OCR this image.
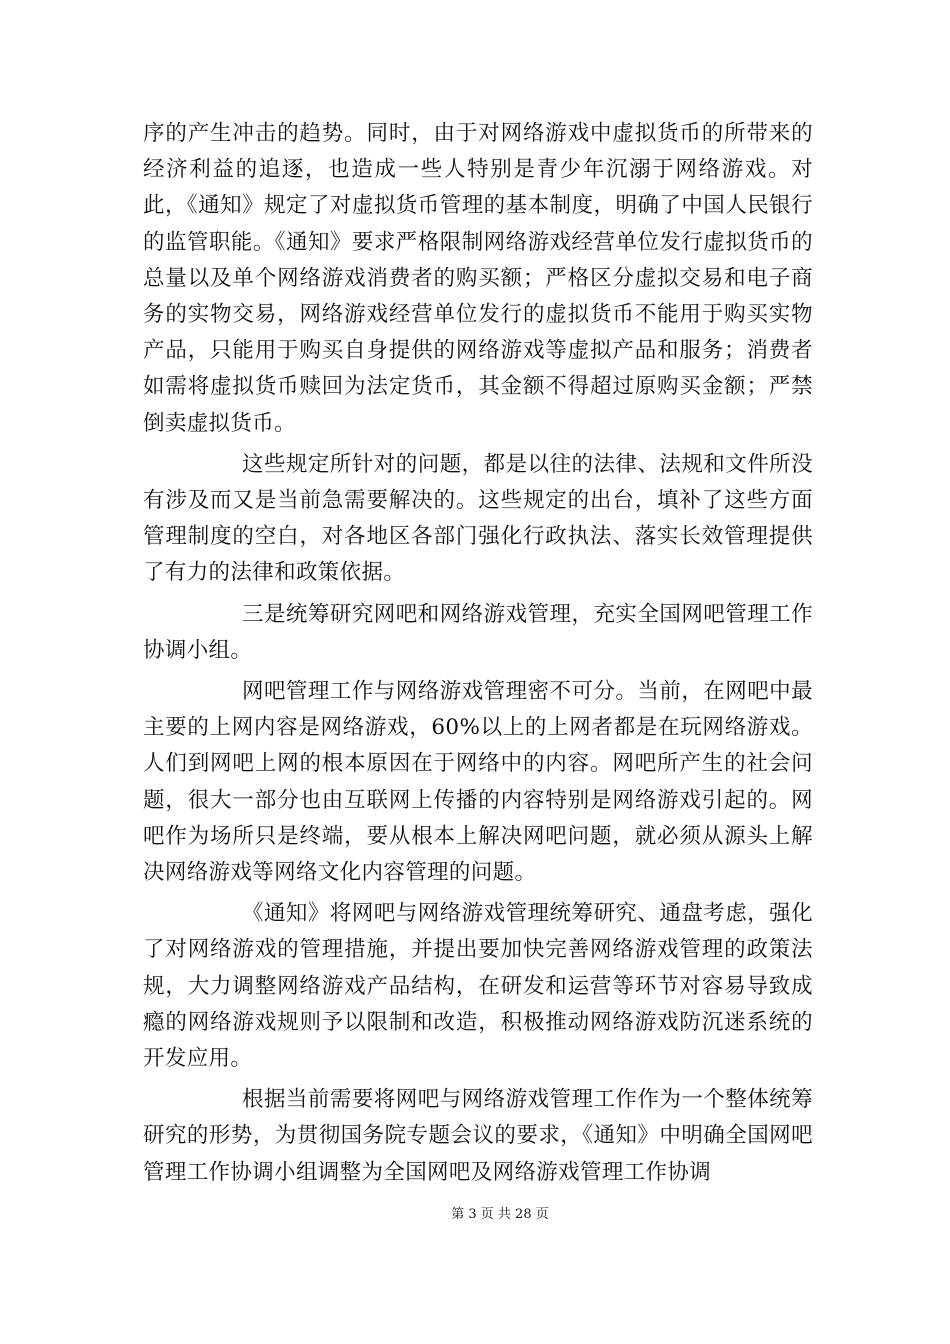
序的产生冲击的趋势。同时，由于对网络游戏中虚拟货币的所带来的经济利益的追逐，也造成一些人特别是青少年沉溺于网络游戏。对此，《通知》规定了对虚拟货币管理的基本制度，明确了中国人民银行的监管职能。《通知》要求严格限制网络游戏经营单位发行虚拟货币的总量以及单个网络游戏消费者的购买额；严格区分虚拟交易和电子商务的实物交易，网络游戏经营单位发行的虚拟货币不能用于购买实物产品，只能用于购买自身提供的网络游戏等虚拟产品和服务；消费者如需将虚拟货币赎回为法定货币，其金额不得超过原购买金额；严禁倒卖虚拟货币。

这些规定所针对的问题，都是以往的法律、法规和文件所没有涉及而又是当前急需要解决的。这些规定的出台，填补了这些方面管理制度的空白，对各地区各部门强化行政执法、落实长效管理提供了有力的法律和政策依据。

三是统筹研究网吧和网络游戏管理，充实全国网吧管理工作协调小组。

网吧管理工作与网络游戏管理密不可分。当前，在网吧中最主要的上网内容是网络游戏，60%以上的上网者都是在玩网络游戏。人们到网吧上网的根本原因在于网络中的内容。网吧所产生的社会问题，很大一部分也由互联网上传播的内容特别是网络游戏引起的。网吧作为场所只是终端，要从根本上解决网吧问题，就必须从源头上解决网络游戏等网络文化内容管理的问题。

《通知》将网吧与网络游戏管理统筹研究、通盘考虑，强化了对网络游戏的管理措施，并提出要加快完善网络游戏管理的政策法规，大力调整网络游戏产品结构，在研发和运营等环节对容易导致成瘾的网络游戏规则予以限制和改造，积极推动网络游戏防沉迷系统的开发应用。

根据当前需要将网吧与网络游戏管理工作作为一个整体统筹研究的形势，为贯彻国务院专题会议的要求，《通知》中明确全国网吧管理工作协调小组调整为全国网吧及网络游戏管理工作协调

第 3 页 共 28 页
